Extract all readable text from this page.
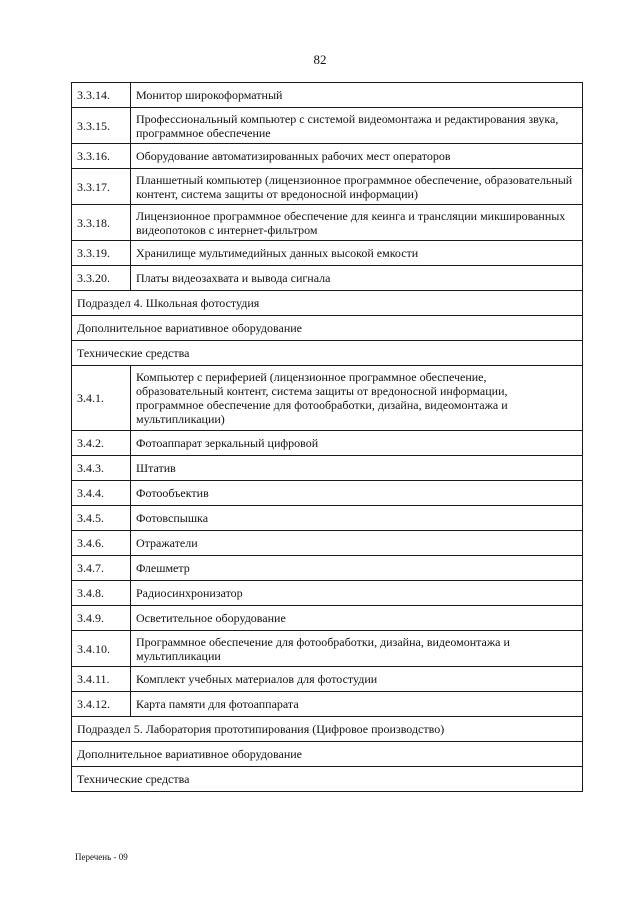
82
3.3.14.	Монитор широкоформатный
3.3.15.	Профессиональный компьютер с системой видеомонтажа и редактирования звука, программное обеспечение
3.3.16.	Оборудование автоматизированных рабочих мест операторов
3.3.17.	Планшетный компьютер (лицензионное программное обеспечение, образовательный контент, система защиты от вредоносной информации)
3.3.18.	Лицензионное программное обеспечение для кеинга и трансляции микшированных видеопотоков с интернет-фильтром
3.3.19.	Хранилище мультимедийных данных высокой емкости
3.3.20.	Платы видеозахвата и вывода сигнала
Подраздел 4. Школьная фотостудия	
Дополнительное вариативное оборудование	
Технические средства	
3.4.1.	Компьютер с периферией (лицензионное программное обеспечение, образовательный контент, система защиты от вредоносной информации, программное обеспечение для фотообработки, дизайна, видеомонтажа и мультипликации)
3.4.2.	Фотоаппарат зеркальный цифровой
3.4.3.	Штатив
3.4.4.	Фотообъектив
3.4.5.	Фотовспышка
3.4.6.	Отражатели
3.4.7.	Флешметр
3.4.8.	Радиосинхронизатор
3.4.9.	Осветительное оборудование
3.4.10.	Программное обеспечение для фотообработки, дизайна, видеомонтажа и мультипликации
3.4.11.	Комплект учебных материалов для фотостудии
3.4.12.	Карта памяти для фотоаппарата
Подраздел 5. Лаборатория прототипирования (Цифровое производство)	
Дополнительное вариативное оборудование	
Технические средства	
Перечень - 09
